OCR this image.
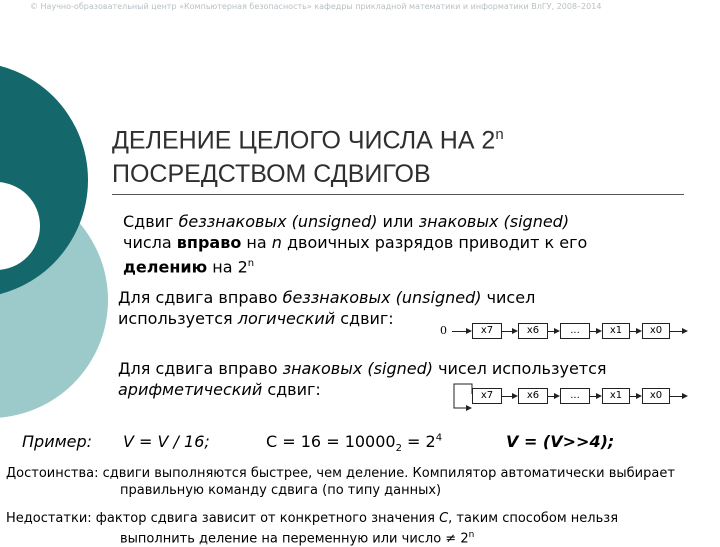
© Научно-образовательный центр «Компьютерная безопасность» кафедры прикладной математики и информатики ВлГУ, 2008–2014
ДЕЛЕНИЕ ЦЕЛОГО ЧИСЛА НА 2$^n$
ПОСРЕДСТВОМ СДВИГОВ
Сдвиг беззнаковых (unsigned) или знаковых (signed)
числа вправо на n двоичных разрядов приводит к его
делению на 2$^n$
Для сдвига вправо беззнаковых (unsigned) чисел
используется логический сдвиг:
0	x7	x6	...	x1	x0
Для сдвига вправо знаковых (signed) чисел используется
арифметический сдвиг:	x7	x6	...	x1	x0
Пример: V = V / 16;	$С = 16 = 10000_2 = 2^4$	V = (V>>4);
Достоинства: сдвиги выполняются быстрее, чем деление. Компилятор автоматически выбирает
правильную команду сдвига (по типу данных)
Недостатки: фактор сдвига зависит от конкретного значения С, таким способом нельзя
выполнить деление на переменную или число ≠ $2^n$
